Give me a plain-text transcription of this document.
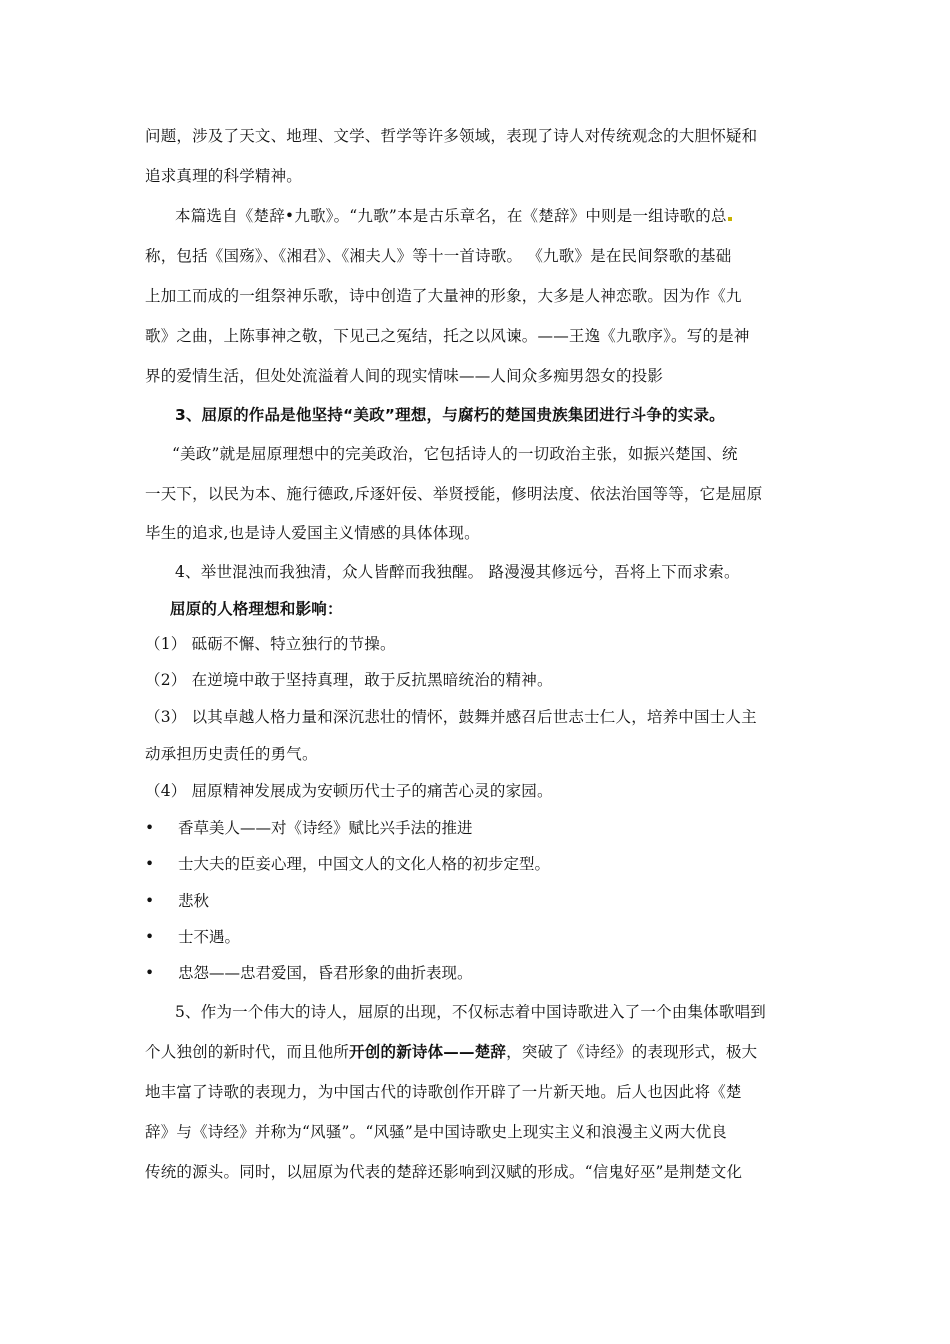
问题，涉及了天文、地理、文学、哲学等许多领域，表现了诗人对传统观念的大胆怀疑和
追求真理的科学精神。
本篇选自《楚辞•九歌》。“九歌”本是古乐章名，在《楚辞》中则是一组诗歌的总
称，包括《国殇》、《湘君》、《湘夫人》等十一首诗歌。 《九歌》是在民间祭歌的基础
上加工而成的一组祭神乐歌，诗中创造了大量神的形象，大多是人神恋歌。因为作《九
歌》之曲，上陈事神之敬，下见己之冤结，托之以风谏。——王逸《九歌序》。写的是神
界的爱情生活，但处处流溢着人间的现实情味——人间众多痴男怨女的投影
3、屈原的作品是他坚持“美政”理想，与腐朽的楚国贵族集团进行斗争的实录。
“美政”就是屈原理想中的完美政治，它包括诗人的一切政治主张，如振兴楚国、统
一天下，以民为本、施行德政,斥逐奸佞、举贤授能，修明法度、依法治国等等，它是屈原
毕生的追求,也是诗人爱国主义情感的具体体现。
4、举世混浊而我独清，众人皆醉而我独醒。 路漫漫其修远兮，吾将上下而求索。
屈原的人格理想和影响：
（1） 砥砺不懈、特立独行的节操。
（2） 在逆境中敢于坚持真理，敢于反抗黑暗统治的精神。
（3） 以其卓越人格力量和深沉悲壮的情怀，鼓舞并感召后世志士仁人，培养中国士人主
动承担历史责任的勇气。
（4） 屈原精神发展成为安顿历代士子的痛苦心灵的家园。
• 香草美人——对《诗经》赋比兴手法的推进
• 士大夫的臣妾心理，中国文人的文化人格的初步定型。
• 悲秋
• 士不遇。
• 忠怨——忠君爱国，昏君形象的曲折表现。
5、作为一个伟大的诗人，屈原的出现，不仅标志着中国诗歌进入了一个由集体歌唱到
个人独创的新时代，而且他所开创的新诗体——楚辞，突破了《诗经》的表现形式，极大
地丰富了诗歌的表现力，为中国古代的诗歌创作开辟了一片新天地。后人也因此将《楚
辞》与《诗经》并称为“风骚”。“风骚”是中国诗歌史上现实主义和浪漫主义两大优良
传统的源头。同时，以屈原为代表的楚辞还影响到汉赋的形成。“信鬼好巫”是荆楚文化
